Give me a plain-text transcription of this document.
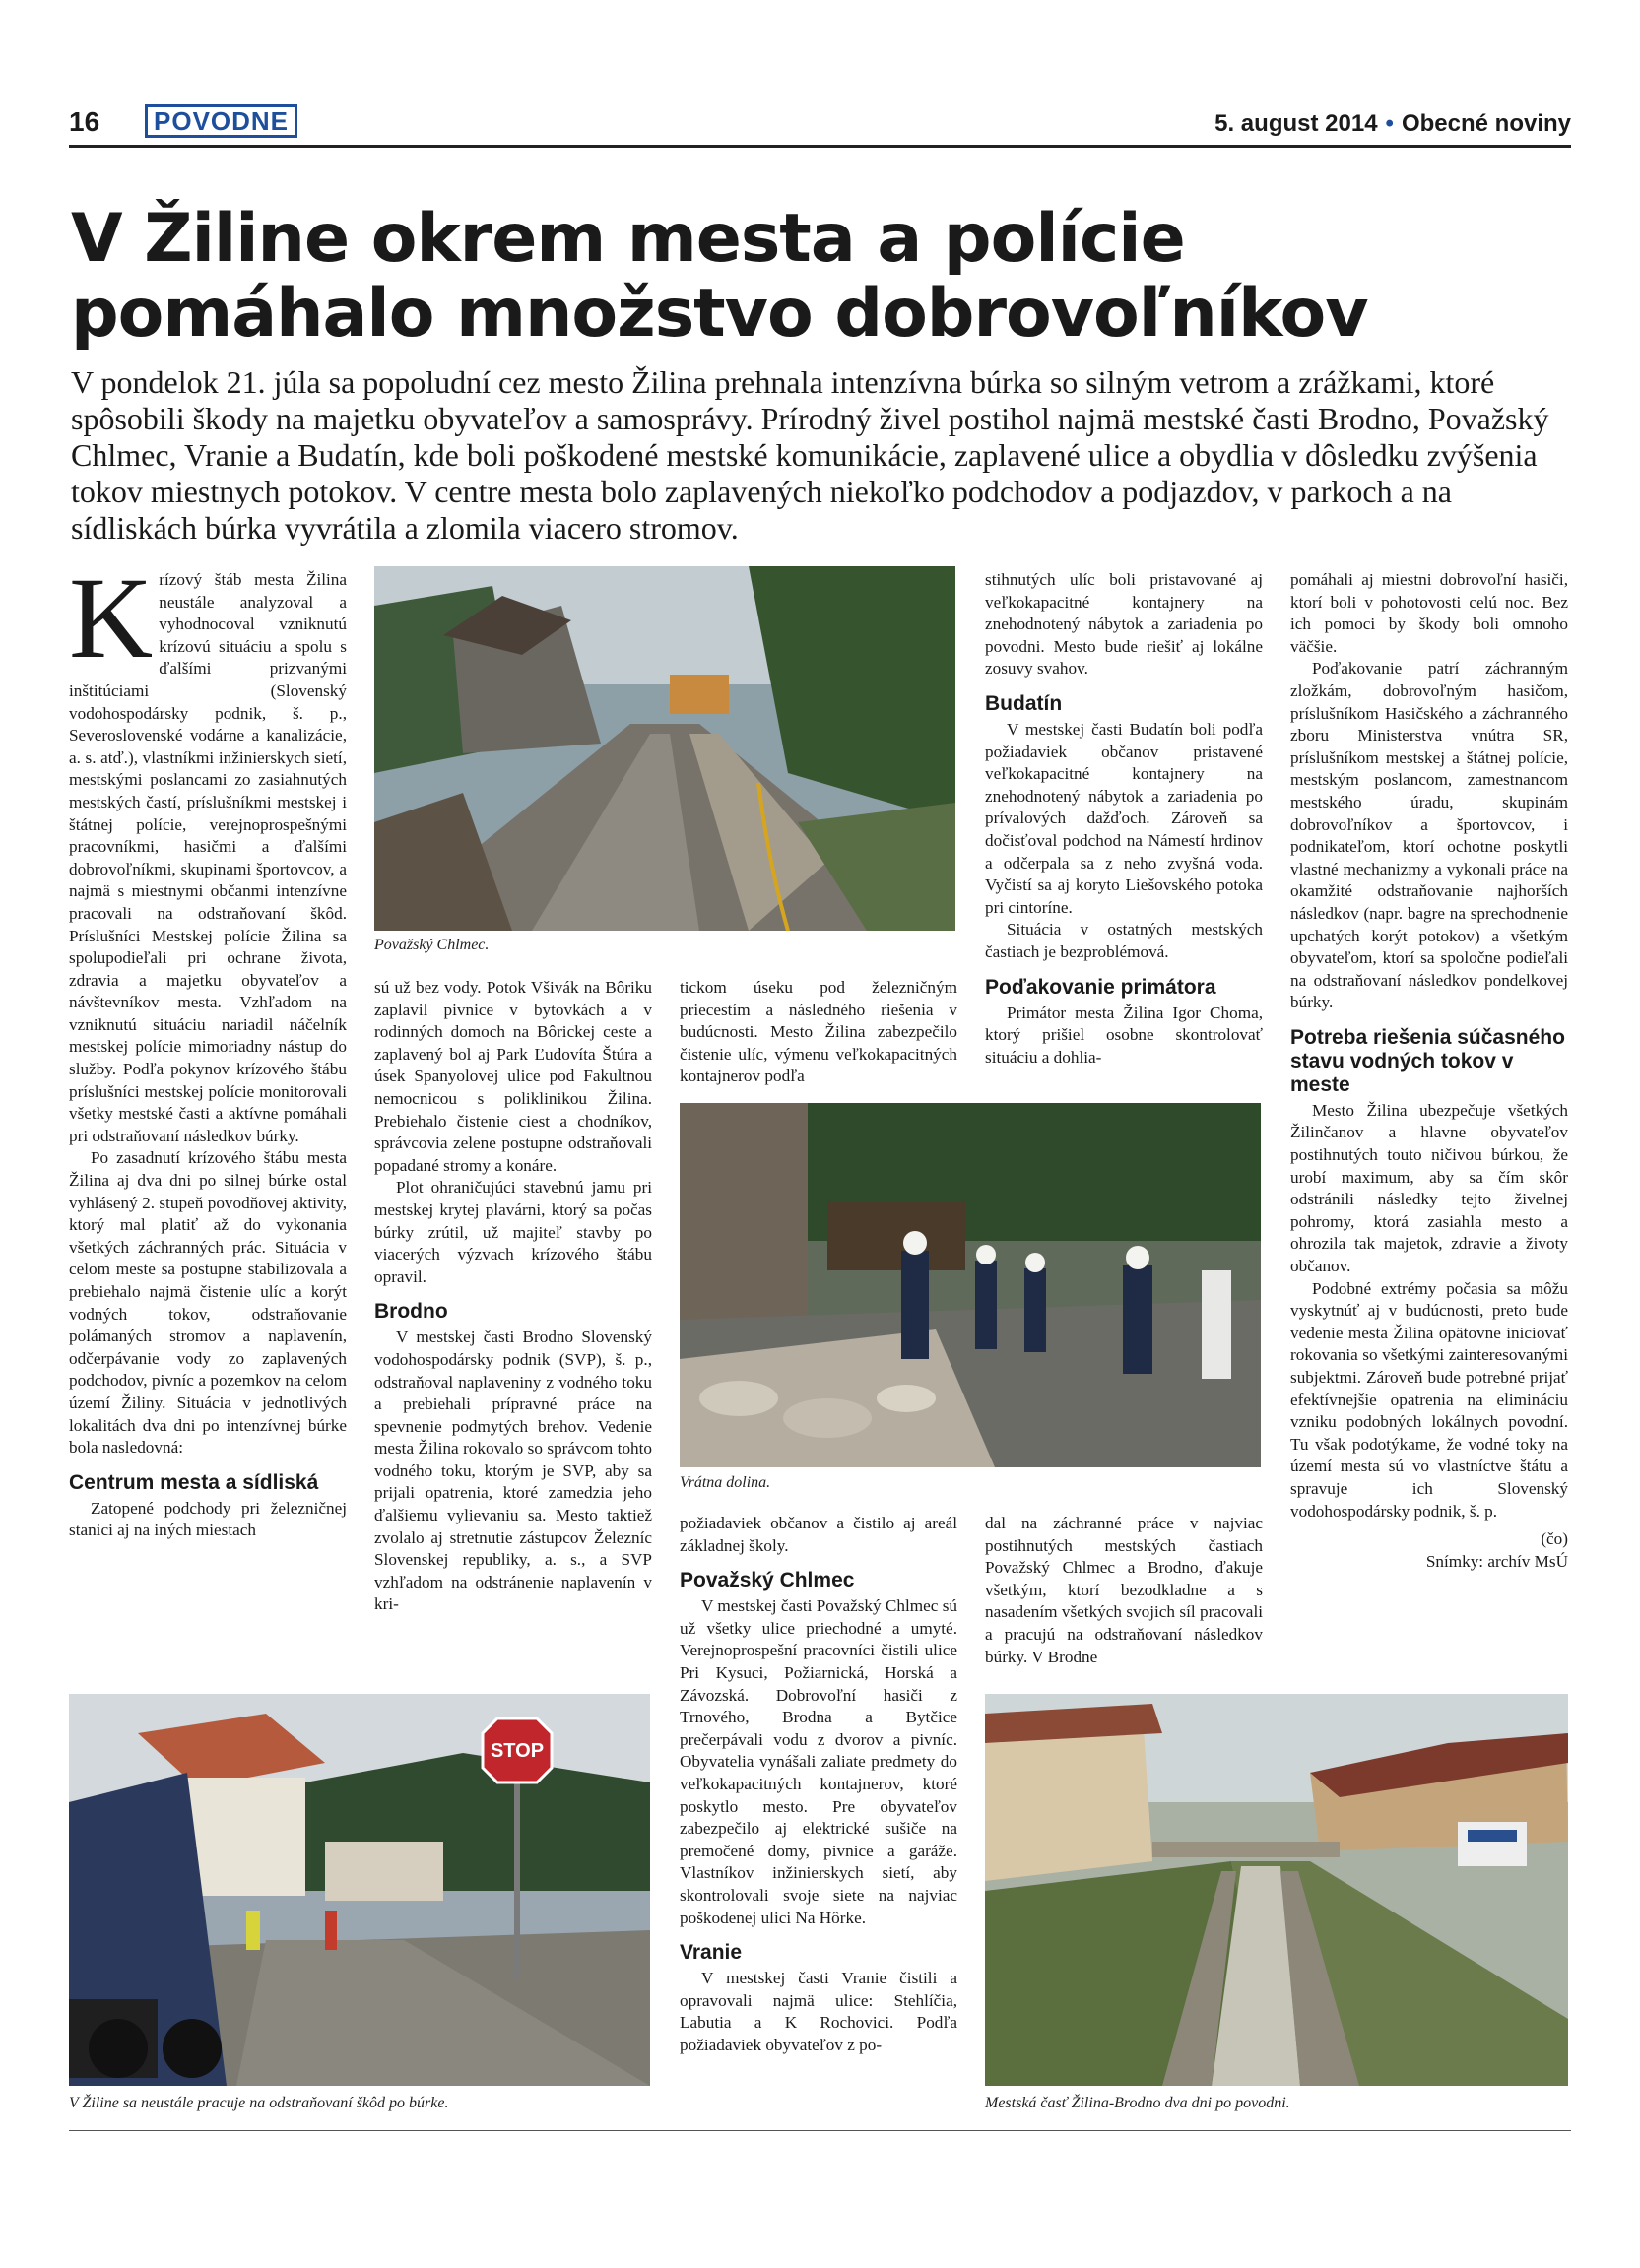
16	POVODNE	5. august 2014 • Obecné noviny
V Žiline okrem mesta a polície
pomáhalo množstvo dobrovoľníkov

V pondelok 21. júla sa popoludní cez mesto Žilina prehnala intenzívna búrka so silným vetrom a zrážkami, ktoré spôsobili škody na majetku obyvateľov a samosprávy. Prírodný živel postihol najmä mestské časti Brodno, Považský Chlmec, Vranie a Budatín, kde boli poškodené mestské komunikácie, zaplavené ulice a obydlia v dôsledku zvýšenia tokov miestnych potokov. V centre mesta bolo zaplavených niekoľko podchodov a podjazdov, v parkoch a na sídliskách búrka vyvrátila a zlomila viacero stromov.

K rízový štáb mesta Žilina neustále analyzoval a vyhodnocoval vzniknutú krízovú situáciu a spolu s ďalšími prizvanými inštitúciami (Slovenský vodohospodársky podnik, š. p., Severoslovenské vodárne a kanalizácie, a. s. atď.), vlastníkmi inžinierskych sietí, mestskými poslancami zo zasiahnutých mestských častí, príslušníkmi mestskej i štátnej polície, verejnoprospešnými pracovníkmi, hasičmi a ďalšími dobrovoľníkmi, skupinami športovcov, a najmä s miestnymi občanmi intenzívne pracovali na odstraňovaní škôd. Príslušníci Mestskej polície Žilina sa spolupodieľali pri ochrane života, zdravia a majetku obyvateľov a návštevníkov mesta. Vzhľadom na vzniknutú situáciu nariadil náčelník mestskej polície mimoriadny nástup do služby. Podľa pokynov krízového štábu príslušníci mestskej polície monitorovali všetky mestské časti a aktívne pomáhali pri odstraňovaní následkov búrky.

Po zasadnutí krízového štábu mesta Žilina aj dva dni po silnej búrke ostal vyhlásený 2. stupeň povodňovej aktivity, ktorý mal platiť až do vykonania všetkých záchranných prác. Situácia v celom meste sa postupne stabilizovala a prebiehalo najmä čistenie ulíc a korýt vodných tokov, odstraňovanie polámaných stromov a naplavenín, odčerpávanie vody zo zaplavených podchodov, pivníc a pozemkov na celom území Žiliny. Situácia v jednotlivých lokalitách dva dni po intenzívnej búrke bola nasledovná:

Centrum mesta a sídliská

Zatopené podchody pri železničnej stanici aj na iných miestach

Považský Chlmec.

sú už bez vody. Potok Všivák na Bôriku zaplavil pivnice v bytovkách a v rodinných domoch na Bôrickej ceste a zaplavený bol aj Park Ľudovíta Štúra a úsek Spanyolovej ulice pod Fakultnou nemocnicou s poliklinikou Žilina. Prebiehalo čistenie ciest a chodníkov, správcovia zelene postupne odstraňovali popadané stromy a konáre.

Plot ohraničujúci stavebnú jamu pri mestskej krytej plavárni, ktorý sa počas búrky zrútil, už majiteľ stavby po viacerých výzvach krízového štábu opravil.

Brodno

V mestskej časti Brodno Slovenský vodohospodársky podnik (SVP), š. p., odstraňoval naplaveniny z vodného toku a prebiehali prípravné práce na spevnenie podmytých brehov. Vedenie mesta Žilina rokovalo so správcom tohto vodného toku, ktorým je SVP, aby sa prijali opatrenia, ktoré zamedzia jeho ďalšiemu vylievaniu sa. Mesto taktiež zvolalo aj stretnutie zástupcov Železníc Slovenskej republiky, a. s., a SVP vzhľadom na odstránenie naplavenín v kri-

tickom úseku pod železničným priecestím a následného riešenia v budúcnosti. Mesto Žilina zabezpečilo čistenie ulíc, výmenu veľkokapacitných kontajnerov podľa

Vrátna dolina.

požiadaviek občanov a čistilo aj areál základnej školy.

Považský Chlmec

V mestskej časti Považský Chlmec sú už všetky ulice priechodné a umyté. Verejnoprospešní pracovníci čistili ulice Pri Kysuci, Požiarnická, Horská a Závozská. Dobrovoľní hasiči z Trnového, Brodna a Bytčice prečerpávali vodu z dvorov a pivníc. Obyvatelia vynášali zaliate predmety do veľkokapacitných kontajnerov, ktoré poskytlo mesto. Pre obyvateľov zabezpečilo aj elektrické sušiče na premočené domy, pivnice a garáže. Vlastníkov inžinierskych sietí, aby skontrolovali svoje siete na najviac poškodenej ulici Na Hôrke.

Vranie

V mestskej časti Vranie čistili a opravovali najmä ulice: Stehlíčia, Labutia a K Rochovici. Podľa požiadaviek obyvateľov z po-

stihnutých ulíc boli pristavované aj veľkokapacitné kontajnery na znehodnotený nábytok a zariadenia po povodni. Mesto bude riešiť aj lokálne zosuvy svahov.

Budatín

V mestskej časti Budatín boli podľa požiadaviek občanov pristavené veľkokapacitné kontajnery na znehodnotený nábytok a zariadenia po prívalových dažďoch. Zároveň sa dočisťoval podchod na Námestí hrdinov a odčerpala sa z neho zvyšná voda. Vyčistí sa aj koryto Liešovského potoka pri cintoríne.

Situácia v ostatných mestských častiach je bezproblémová.

Poďakovanie primátora

Primátor mesta Žilina Igor Choma, ktorý prišiel osobne skontrolovať situáciu a dohlia-

dal na záchranné práce v najviac postihnutých mestských častiach Považský Chlmec a Brodno, ďakuje všetkým, ktorí bezodkladne a s nasadením všetkých svojich síl pracovali a pracujú na odstraňovaní následkov búrky. V Brodne

pomáhali aj miestni dobrovoľní hasiči, ktorí boli v pohotovosti celú noc. Bez ich pomoci by škody boli omnoho väčšie.

Poďakovanie patrí záchranným zložkám, dobrovoľným hasičom, príslušníkom Hasičského a záchranného zboru Ministerstva vnútra SR, príslušníkom mestskej a štátnej polície, mestským poslancom, zamestnancom mestského úradu, skupinám dobrovoľníkov a športovcov, i podnikateľom, ktorí ochotne poskytli vlastné mechanizmy a vykonali práce na okamžité odstraňovanie najhorších následkov (napr. bagre na sprechodnenie upchatých korýt potokov) a všetkým obyvateľom, ktorí sa spoločne podieľali na odstraňovaní následkov pondelkovej búrky.

Potreba riešenia súčasného stavu vodných tokov v meste

Mesto Žilina ubezpečuje všetkých Žilinčanov a hlavne obyvateľov postihnutých touto ničivou búrkou, že urobí maximum, aby sa čím skôr odstránili následky tejto živelnej pohromy, ktorá zasiahla mesto a ohrozila tak majetok, zdravie a životy občanov.

Podobné extrémy počasia sa môžu vyskytnúť aj v budúcnosti, preto bude vedenie mesta Žilina opätovne iniciovať rokovania so všetkými zainteresovanými subjektmi. Zároveň bude potrebné prijať efektívnejšie opatrenia na elimináciu vzniku podobných lokálnych povodní. Tu však podotýkame, že vodné toky na území mesta sú vo vlastníctve štátu a spravuje ich Slovenský vodohospodársky podnik, š. p.

(čo)

Snímky: archív MsÚ

STOP
V Žiline sa neustále pracuje na odstraňovaní škôd po búrke.	Mestská časť Žilina-Brodno dva dni po povodni.
